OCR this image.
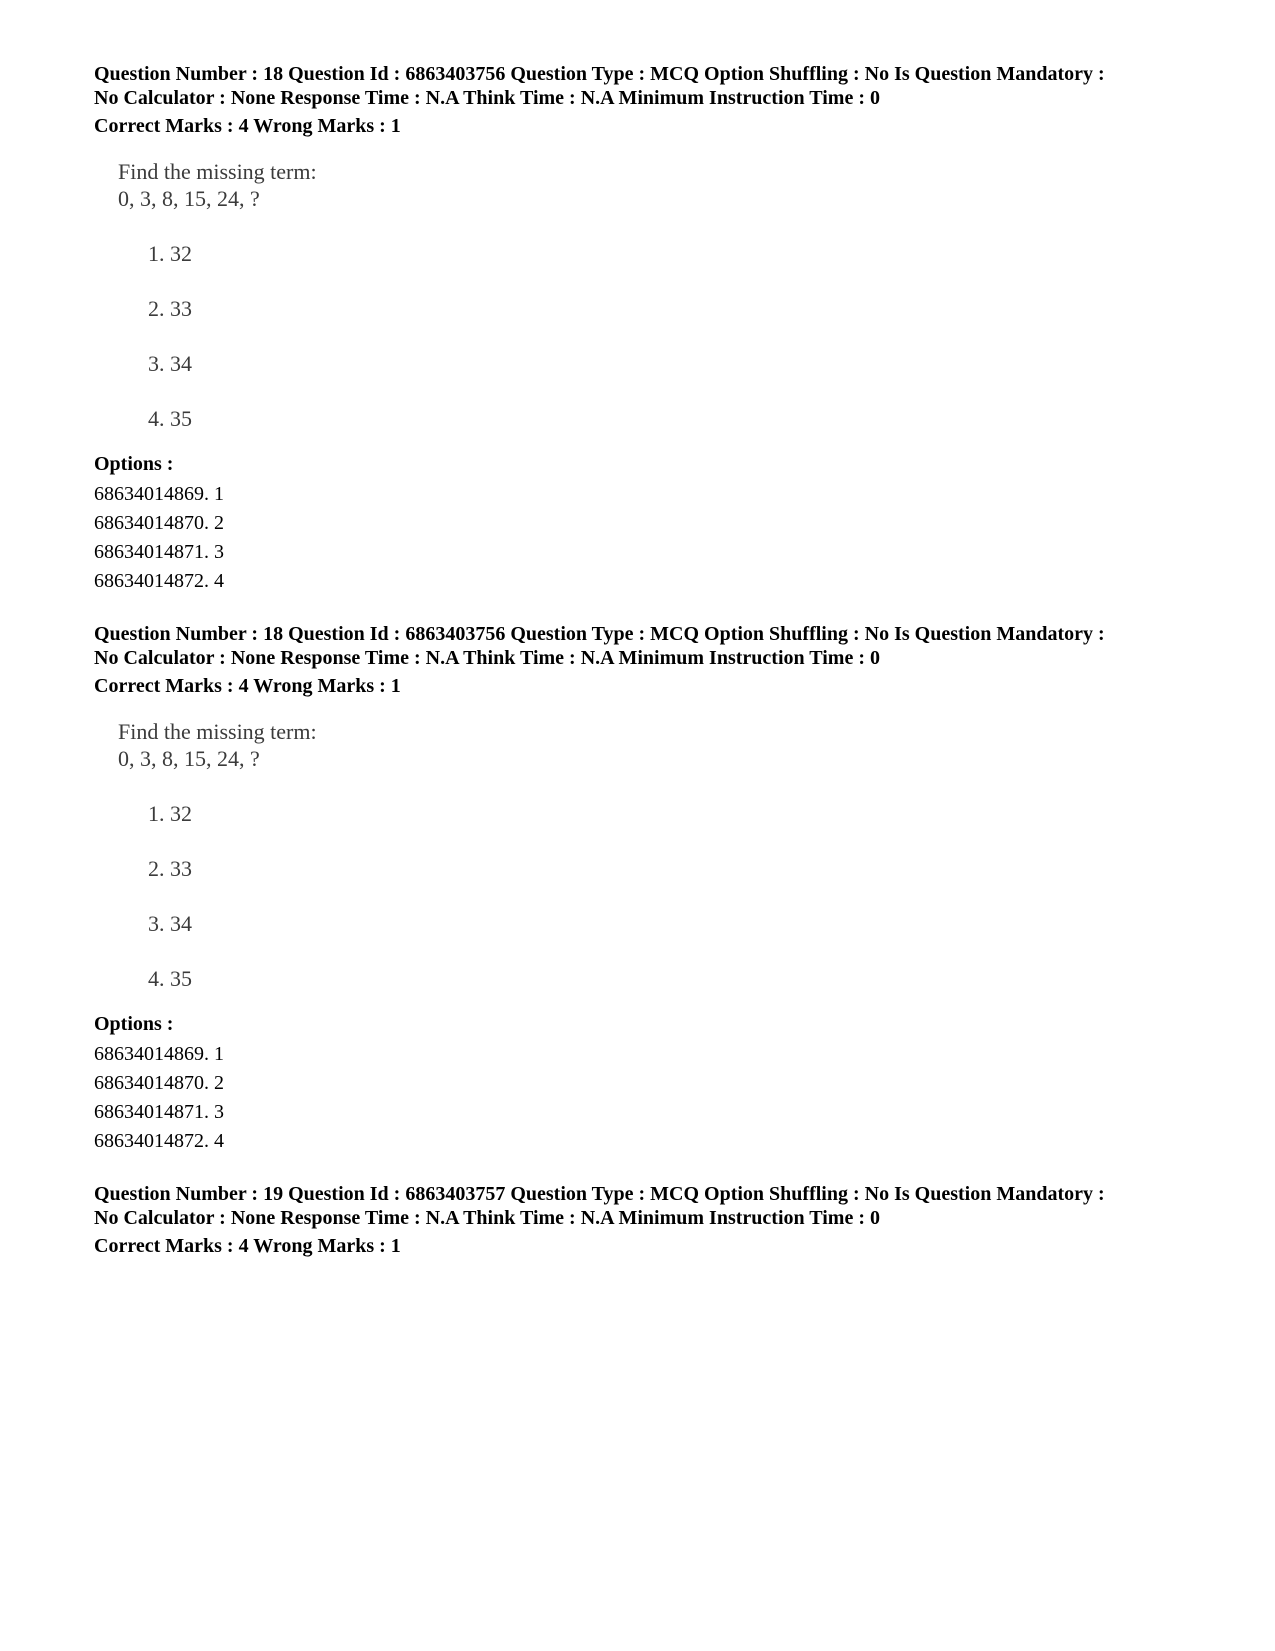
Question Number : 18 Question Id : 6863403756 Question Type : MCQ Option Shuffling : No Is Question Mandatory :
No Calculator : None Response Time : N.A Think Time : N.A Minimum Instruction Time : 0
Correct Marks : 4 Wrong Marks : 1
Find the missing term:
0, 3, 8, 15, 24, ?
1. 32
2. 33
3. 34
4. 35
Options :
68634014869. 1
68634014870. 2
68634014871. 3
68634014872. 4
Question Number : 18 Question Id : 6863403756 Question Type : MCQ Option Shuffling : No Is Question Mandatory :
No Calculator : None Response Time : N.A Think Time : N.A Minimum Instruction Time : 0
Correct Marks : 4 Wrong Marks : 1
Find the missing term:
0, 3, 8, 15, 24, ?
1. 32
2. 33
3. 34
4. 35
Options :
68634014869. 1
68634014870. 2
68634014871. 3
68634014872. 4
Question Number : 19 Question Id : 6863403757 Question Type : MCQ Option Shuffling : No Is Question Mandatory :
No Calculator : None Response Time : N.A Think Time : N.A Minimum Instruction Time : 0
Correct Marks : 4 Wrong Marks : 1
